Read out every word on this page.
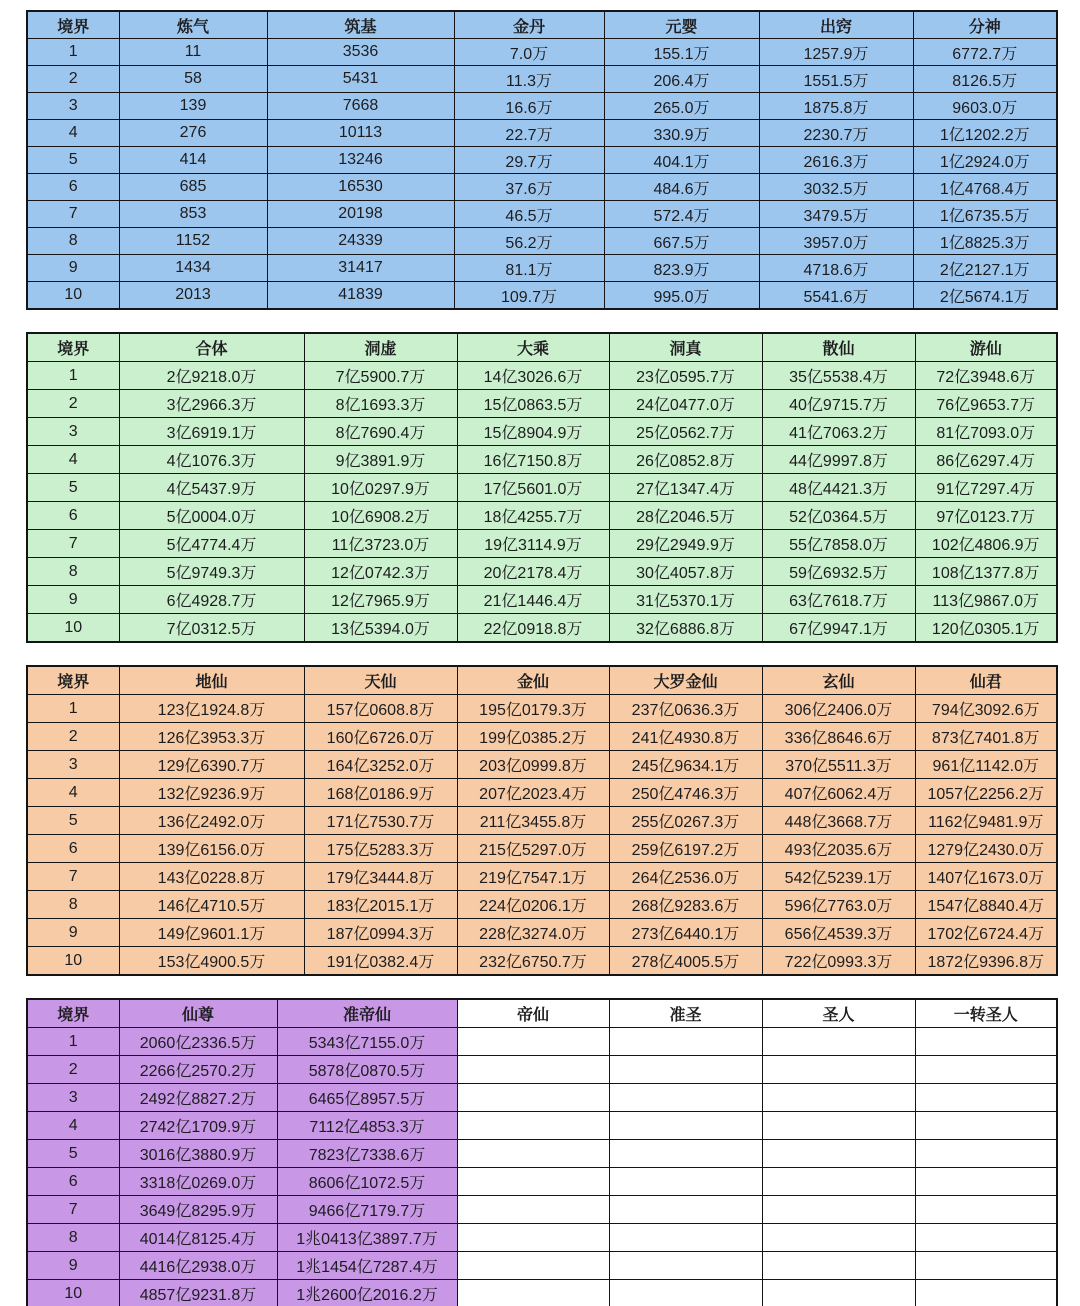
境界	炼气	筑基	金丹	元婴	出窍	分神
1	11	3536	7.0万	155.1万	1257.9万	6772.7万
2	58	5431	11.3万	206.4万	1551.5万	8126.5万
3	139	7668	16.6万	265.0万	1875.8万	9603.0万
4	276	10113	22.7万	330.9万	2230.7万	1亿1202.2万
5	414	13246	29.7万	404.1万	2616.3万	1亿2924.0万
6	685	16530	37.6万	484.6万	3032.5万	1亿4768.4万
7	853	20198	46.5万	572.4万	3479.5万	1亿6735.5万
8	1152	24339	56.2万	667.5万	3957.0万	1亿8825.3万
9	1434	31417	81.1万	823.9万	4718.6万	2亿2127.1万
10	2013	41839	109.7万	995.0万	5541.6万	2亿5674.1万
境界	合体	洞虚	大乘	洞真	散仙	游仙
1	2亿9218.0万	7亿5900.7万	14亿3026.6万	23亿0595.7万	35亿5538.4万	72亿3948.6万
2	3亿2966.3万	8亿1693.3万	15亿0863.5万	24亿0477.0万	40亿9715.7万	76亿9653.7万
3	3亿6919.1万	8亿7690.4万	15亿8904.9万	25亿0562.7万	41亿7063.2万	81亿7093.0万
4	4亿1076.3万	9亿3891.9万	16亿7150.8万	26亿0852.8万	44亿9997.8万	86亿6297.4万
5	4亿5437.9万	10亿0297.9万	17亿5601.0万	27亿1347.4万	48亿4421.3万	91亿7297.4万
6	5亿0004.0万	10亿6908.2万	18亿4255.7万	28亿2046.5万	52亿0364.5万	97亿0123.7万
7	5亿4774.4万	11亿3723.0万	19亿3114.9万	29亿2949.9万	55亿7858.0万	102亿4806.9万
8	5亿9749.3万	12亿0742.3万	20亿2178.4万	30亿4057.8万	59亿6932.5万	108亿1377.8万
9	6亿4928.7万	12亿7965.9万	21亿1446.4万	31亿5370.1万	63亿7618.7万	113亿9867.0万
10	7亿0312.5万	13亿5394.0万	22亿0918.8万	32亿6886.8万	67亿9947.1万	120亿0305.1万
境界	地仙	天仙	金仙	大罗金仙	玄仙	仙君
1	123亿1924.8万	157亿0608.8万	195亿0179.3万	237亿0636.3万	306亿2406.0万	794亿3092.6万
2	126亿3953.3万	160亿6726.0万	199亿0385.2万	241亿4930.8万	336亿8646.6万	873亿7401.8万
3	129亿6390.7万	164亿3252.0万	203亿0999.8万	245亿9634.1万	370亿5511.3万	961亿1142.0万
4	132亿9236.9万	168亿0186.9万	207亿2023.4万	250亿4746.3万	407亿6062.4万	1057亿2256.2万
5	136亿2492.0万	171亿7530.7万	211亿3455.8万	255亿0267.3万	448亿3668.7万	1162亿9481.9万
6	139亿6156.0万	175亿5283.3万	215亿5297.0万	259亿6197.2万	493亿2035.6万	1279亿2430.0万
7	143亿0228.8万	179亿3444.8万	219亿7547.1万	264亿2536.0万	542亿5239.1万	1407亿1673.0万
8	146亿4710.5万	183亿2015.1万	224亿0206.1万	268亿9283.6万	596亿7763.0万	1547亿8840.4万
9	149亿9601.1万	187亿0994.3万	228亿3274.0万	273亿6440.1万	656亿4539.3万	1702亿6724.4万
10	153亿4900.5万	191亿0382.4万	232亿6750.7万	278亿4005.5万	722亿0993.3万	1872亿9396.8万
境界	仙尊	准帝仙	帝仙	准圣	圣人	一转圣人
1	2060亿2336.5万	5343亿7155.0万				
2	2266亿2570.2万	5878亿0870.5万				
3	2492亿8827.2万	6465亿8957.5万				
4	2742亿1709.9万	7112亿4853.3万				
5	3016亿3880.9万	7823亿7338.6万				
6	3318亿0269.0万	8606亿1072.5万				
7	3649亿8295.9万	9466亿7179.7万				
8	4014亿8125.4万	1兆0413亿3897.7万				
9	4416亿2938.0万	1兆1454亿7287.4万				
10	4857亿9231.8万	1兆2600亿2016.2万				
